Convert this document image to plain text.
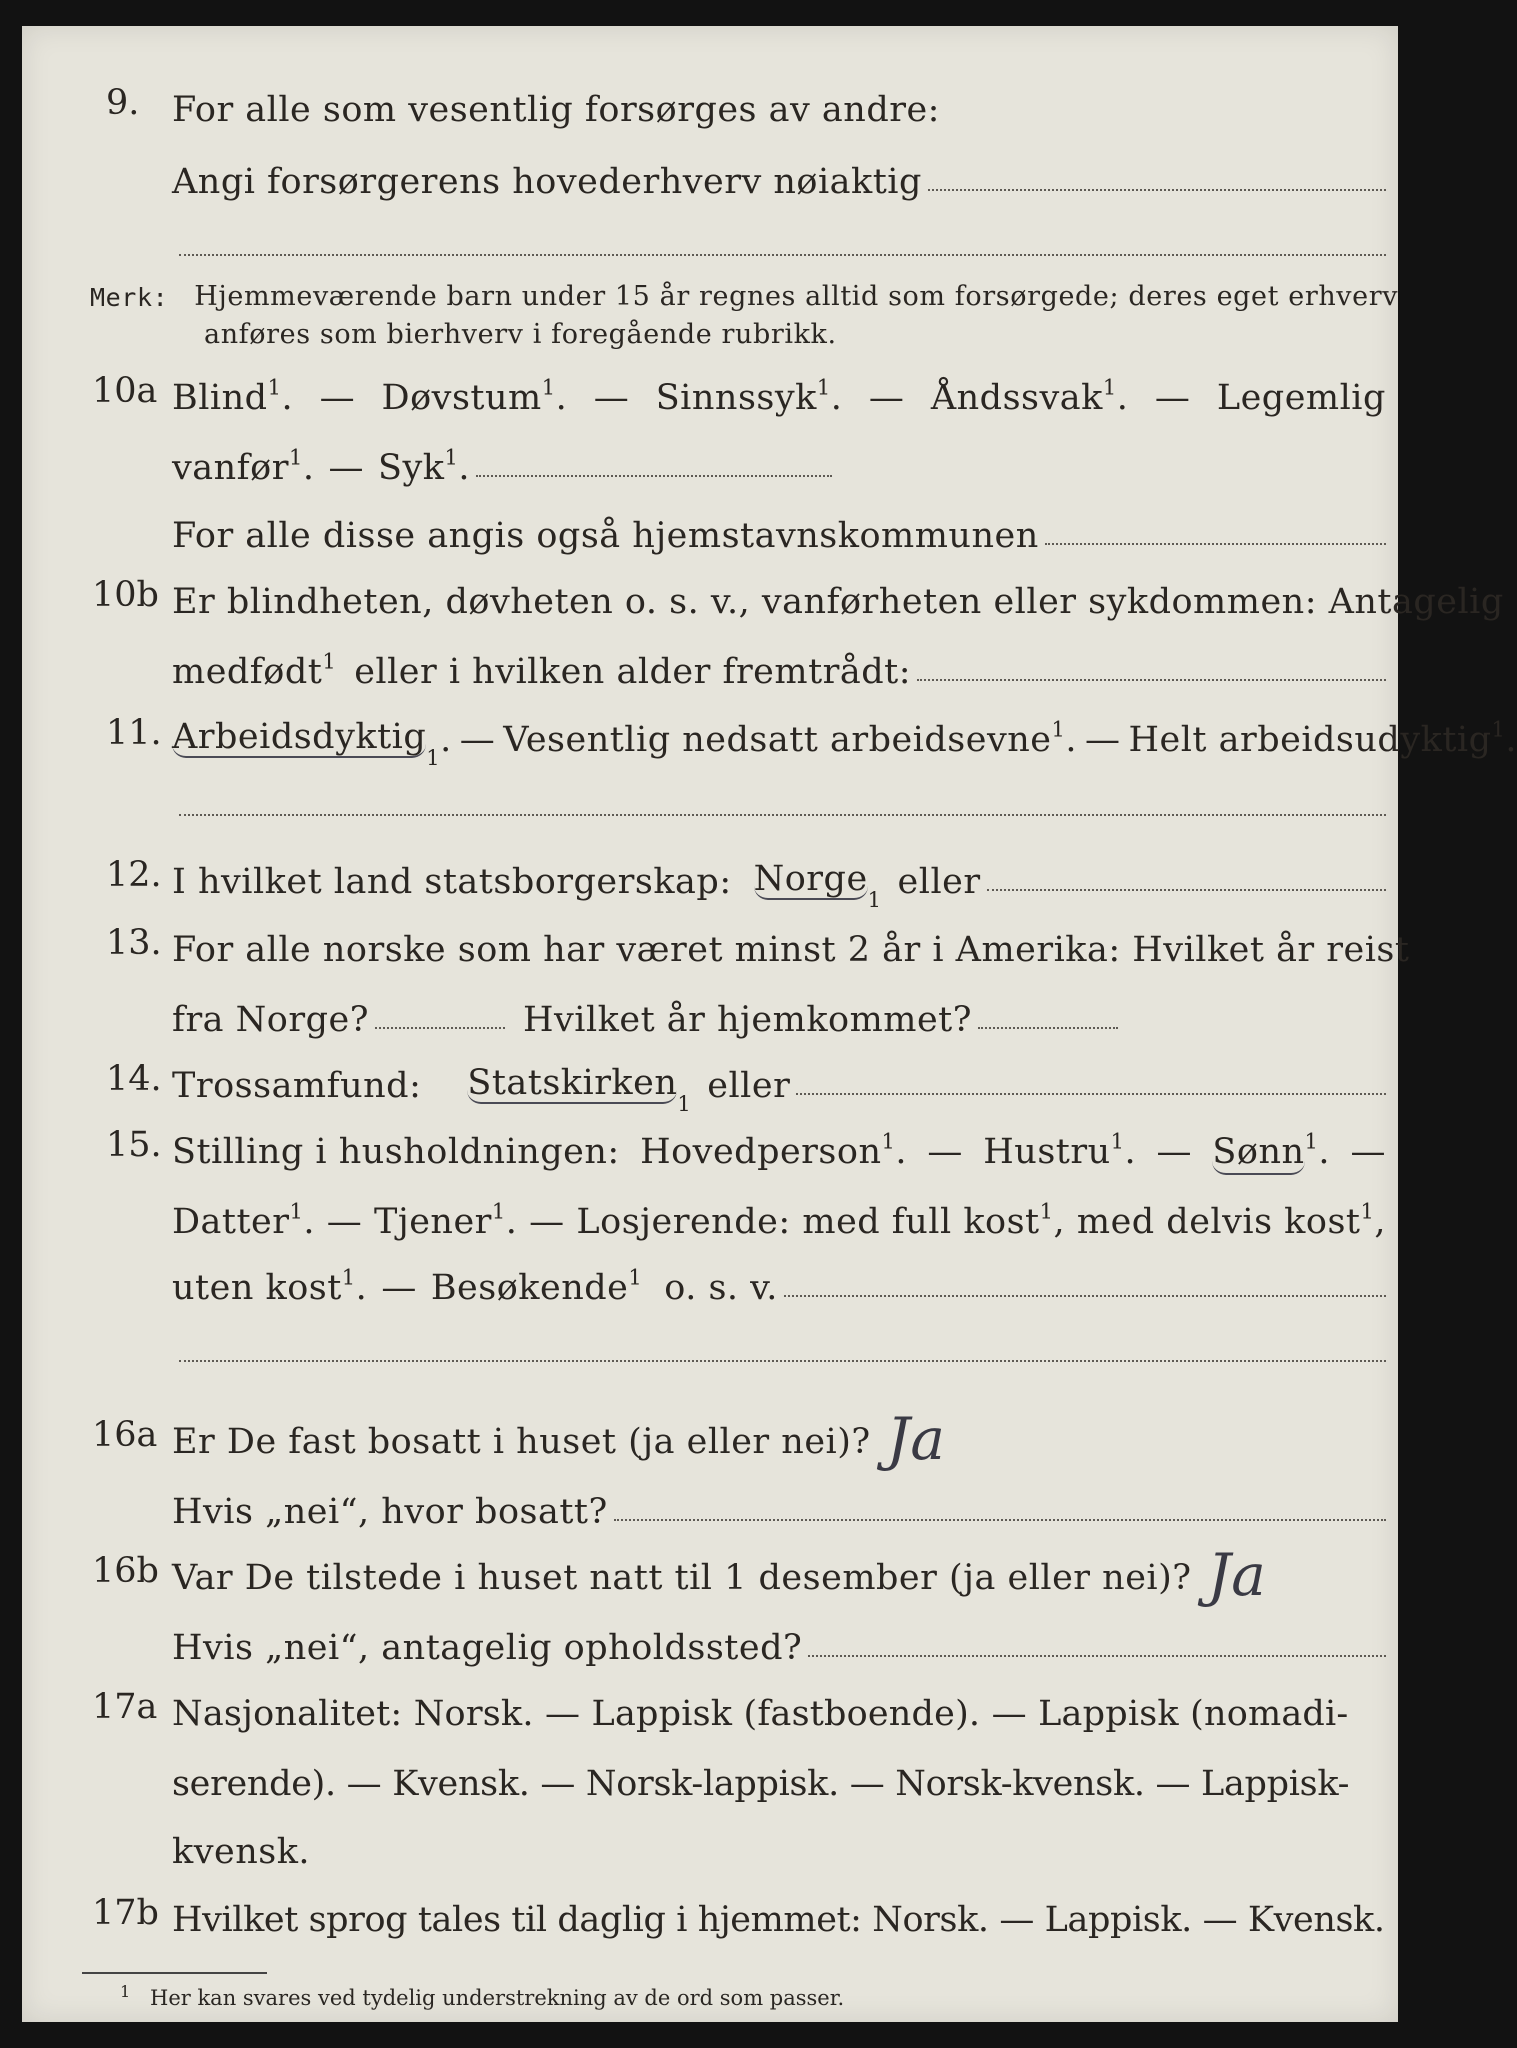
9. For alle som vesentlig forsørges av andre:
Angi forsørgerens hovederhverv nøiaktig
Merk: Hjemmeværende barn under 15 år regnes alltid som forsørgede; deres eget erhverv
anføres som bierhverv i foregående rubrikk.
10a Blind$^1$. — Døvstum$^1$. — Sinnssyk$^1$. — Åndssvak$^1$. — Legemlig
vanfør$^1$. — Syk$^1$.
For alle disse angis også hjemstavnskommunen
10b Er blindheten, døvheten o. s. v., vanførheten eller sykdommen: Antagelig
medfødt$^1$ eller i hvilken alder fremtrådt:
11. Arbeidsdyktig
1 . — Vesentlig nedsatt arbeidsevne$^1$. — Helt arbeidsudyktig$^1$.
12. I hvilket land statsborgerskap: Norge
1 eller
13. For alle norske som har været minst 2 år i Amerika: Hvilket år reist
fra Norge?	Hvilket år hjemkommet?
14. Trossamfund: Statskirken
1 eller
15. Stilling i husholdningen: Hovedperson$^1$. — Hustru$^1$. — Sønn$^1$. —
Datter$^1$. — Tjener$^1$. — Losjerende: med full kost$^1$, med delvis kost$^1$,
uten kost$^1$. — Besøkende$^1$ o. s. v.
16a Er De fast bosatt i huset (ja eller nei)? Ja
Hvis „nei“, hvor bosatt?
16b Var De tilstede i huset natt til 1 desember (ja eller nei)? Ja
Hvis „nei“, antagelig opholdssted?
17a Nasjonalitet: Norsk. — Lappisk (fastboende). — Lappisk (nomadi-
serende). — Kvensk. — Norsk-lappisk. — Norsk-kvensk. — Lappisk-
kvensk.
17b Hvilket sprog tales til daglig i hjemmet: Norsk. — Lappisk. — Kvensk.
1 Her kan svares ved tydelig understrekning av de ord som passer.
